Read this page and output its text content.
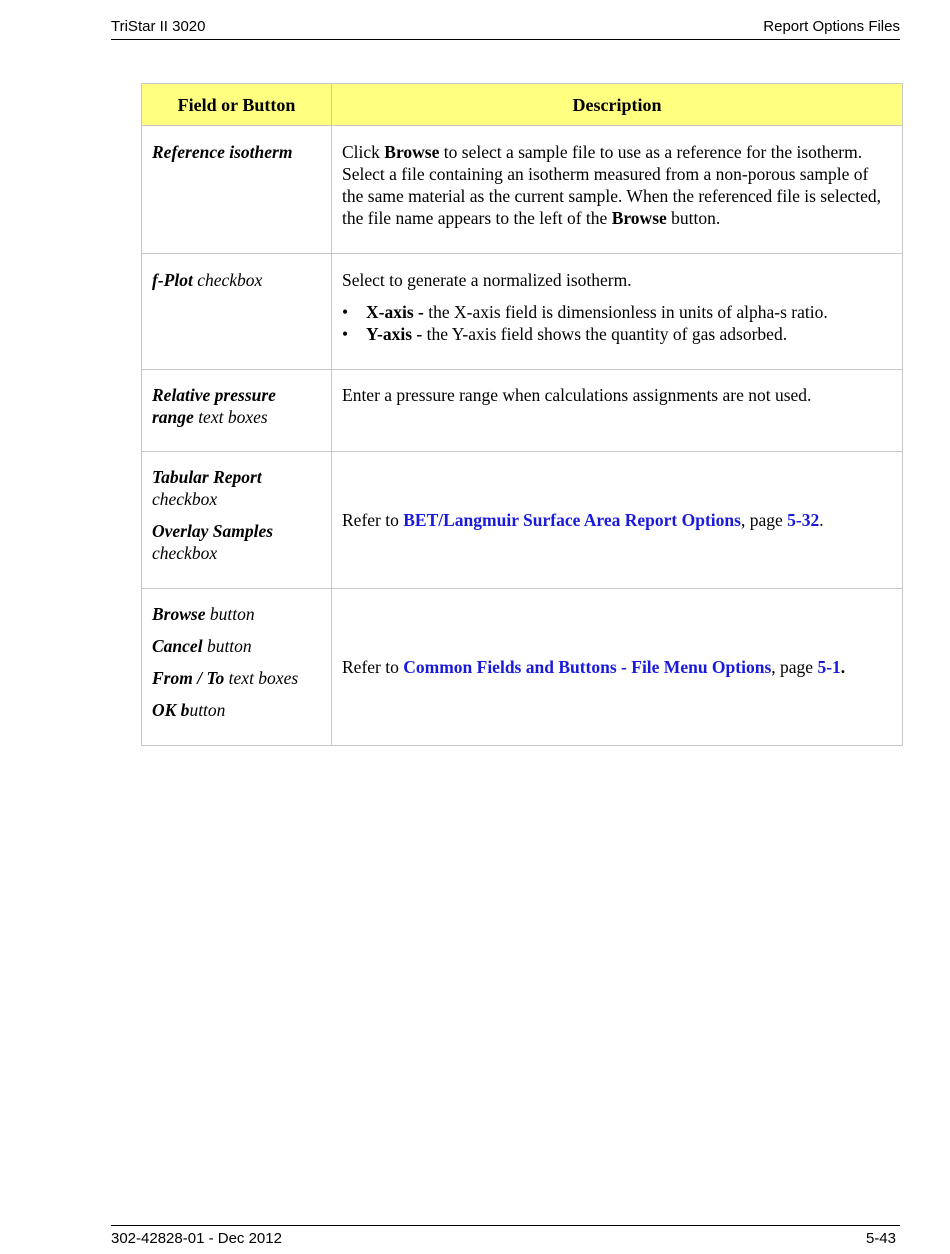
TriStar II 3020	Report Options Files
Field or Button	Description
Reference isotherm	Click Browse to select a sample file to use as a reference for the isotherm. Select a file containing an isotherm measured from a non-porous sample of the same material as the current sample. When the referenced file is selected, the file name appears to the left of the Browse button.

f-Plot checkbox	Select to generate a normalized isotherm.

• X-axis - the X-axis field is dimensionless in units of alpha-s ratio.

• Y-axis - the Y-axis field shows the quantity of gas adsorbed.

Relative pressure
range text boxes	Enter a pressure range when calculations assignments are not used.

Tabular Report
checkbox
Overlay Samples
checkbox	Refer to BET/Langmuir Surface Area Report Options, page 5-32.

Browse button

Cancel button

From / To text boxes

OK button	Refer to Common Fields and Buttons - File Menu Options, page 5-1.

302-42828-01 - Dec 2012	5-43
